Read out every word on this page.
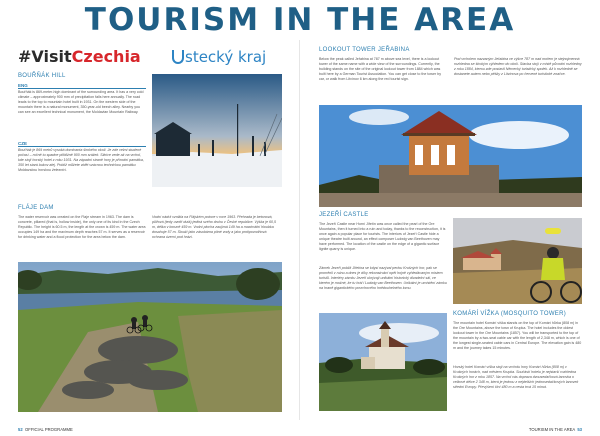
TOURISM IN THE AREA
#VisitCzechia	stecký kraj
BOUŘŇÁK HILL
ENG
Bouřňák is 869-meter-high dominant of the surrounding area. It has a very cold climate – approximately 900 mm of precipitation falls here annually. The road leads to the top to mountain hotel built in 1931. On the western side of the mountain there is a natural monument, 350-year-old beech alley. Nearby you can see an excellent technical monument, the Moldavian Mountain Railway.
CZE
Bouřňák je 869 metrů vysoká dominanta širokého okolí. Je zde velmi studené počasí – ročně tu spadne přibližně 900 mm srážek. Silnice vede až na vrchol, kde stojí horský hotel z roku 1931. Na západní straně hory je přírodní památka, 350 let stará bukov alej. Poblíž můžete vidět vzácnou technickou památku Moldavskou horskou železnici.
FLÁJE DAM
The water reservoir was created on the Flaje stream in 1963. The dam is concrete, pillared (that is, hollow inside), the only one of its kind in the Czech Republic. The height is 60.5 m, the length at the crown is 459 m. The water area occupies 149 ha and the maximum depth reaches 57 m. It serves as a reservoir for drinking water and a flood protection for the area below the dam.
Vodní nádrž vznikla na Flájském potoce v roce 1963. Přehrada je betonová, pilířová (tedy uvnitř dutá) jediná svého druhu v České republice. Výška je 60,5 m, délka v koruně 459 m. Vodní plocha zaujímá 149 ha a maximální hloubka dosahuje 57 m. Slouží jako zásobárna pitné vody a jako protipovodňová ochrana území pod hrází.
52 OFFICIAL PROGRAMME
LOOKOUT TOWER JEŘABINA
Below the peak called Jeřabina at 787 m above sea level, there is a lookout tower of the same name with a wide view of the surroundings. Currently, the building stands on the site of the original lookout tower from 1884 which was built here by a German Tourist Association. You can get close to the tower by car, or walk from Litvínov 6 km along the red tourist sign.
Pod vrcholem nazvaným Jeřabina ve výšce 787 m nad mořem je stejnojmenná rozhledna se širokým výhledem do okolí. Stavba stojí v místě původní rozhledny z roku 1884, kterou zde postavil Německý turistický spolek. Až k rozhledně se dostanete autem nebo pěšky z Litvínova po červené turistické značce.
JEZEŘÍ CASTLE
The Jezeří Castle near Horní Jiřetín was once called the pearl of the Ore Mountains, then it turned into a ruin and today, thanks to the reconstruction, it is once again a popular place for tourists. The interiors of Jezeří Castle hide a unique theatre built around, an effect composer Ludwig van Beethoven may have performed. The location of the castle on the edge of a gigantic surface lignite quarry is unique.
Zámek Jezeří poblíž Jiřetína se kdysi nazýval perlou Krušných hor, pak se proměnil v ruinu a dnes je díky rekonstrukci opět hojně vyhledávaným místem turistů. Interiéry zámku Jezeří ukrývají unikátní historický divadelní sál, ve kterém je možné, že tu hrál i Ludwig van Beethoven. Unikátní je umístění zámku na hraně gigantického povrchového hnědouhelného lomu.
KOMÁRÍ VÍŽKA (MOSQUITO TOWER)
The mountain hotel Komárí víška stands on the top of Komárí hůrka (808 m) in the Ore Mountains, above the town of Krupka. The hotel includes the oldest lookout tower in the Ore Mountains (1857). You will be transported to the top of the mountain by a two-seat cable car with the length of 2,348 m, which is one of the longest single-seated cable cars in Central Europe. The elevation gain is 480 m and the journey takes 15 minutes.
Horský hotel Komárí víška stojí na vrcholu hory Komárí hůrka (808 m) v Krušných horách, nad městem Krupka. Součástí hotelu je nejstarší rozhledna Krušných hor z roku 1857. Na vrchol vás doprava dvousedačková lanovka o celkové délce 2 348 m, která je jednou z nejdelších jednosedačkových lanovek střední Evropy. Převýšení činí 480 m a cesta trvá 15 minut.
TOURISM IN THE AREA 53
